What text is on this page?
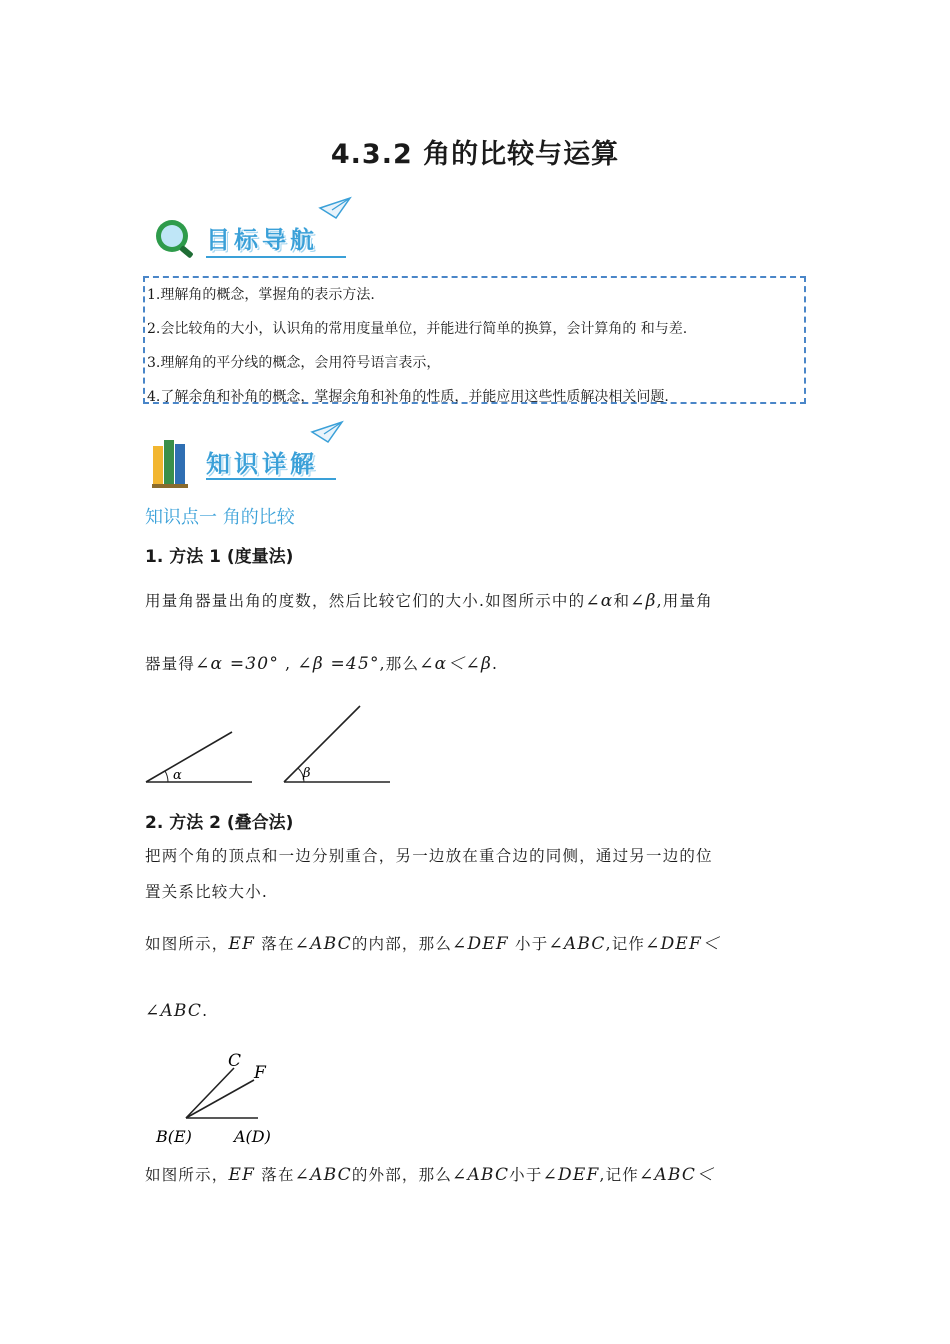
4.3.2 角的比较与运算
目标导航
1.理解角的概念，掌握角的表示方法.
2.会比较角的大小，认识角的常用度量单位，并能进行简单的换算，会计算角的 和与差.
3.理解角的平分线的概念，会用符号语言表示，
4.了解余角和补角的概念，掌握余角和补角的性质，并能应用这些性质解决相关问题.
知识详解
知识点一 角的比较
1. 方法 1 (度量法)
用量角器量出角的度数，然后比较它们的大小.如图所示中的∠α和∠β,用量角
器量得∠α =30° , ∠β =45°,那么∠α＜∠β.
α	β
2. 方法 2 (叠合法)
把两个角的顶点和一边分别重合，另一边放在重合边的同侧，通过另一边的位
置关系比较大小.
如图所示，EF 落在∠ABC的内部，那么∠DEF 小于∠ABC,记作∠DEF＜
∠ABC.
C
F
B(E)	A(D)
如图所示，EF 落在∠ABC的外部，那么∠ABC小于∠DEF,记作∠ABC＜
